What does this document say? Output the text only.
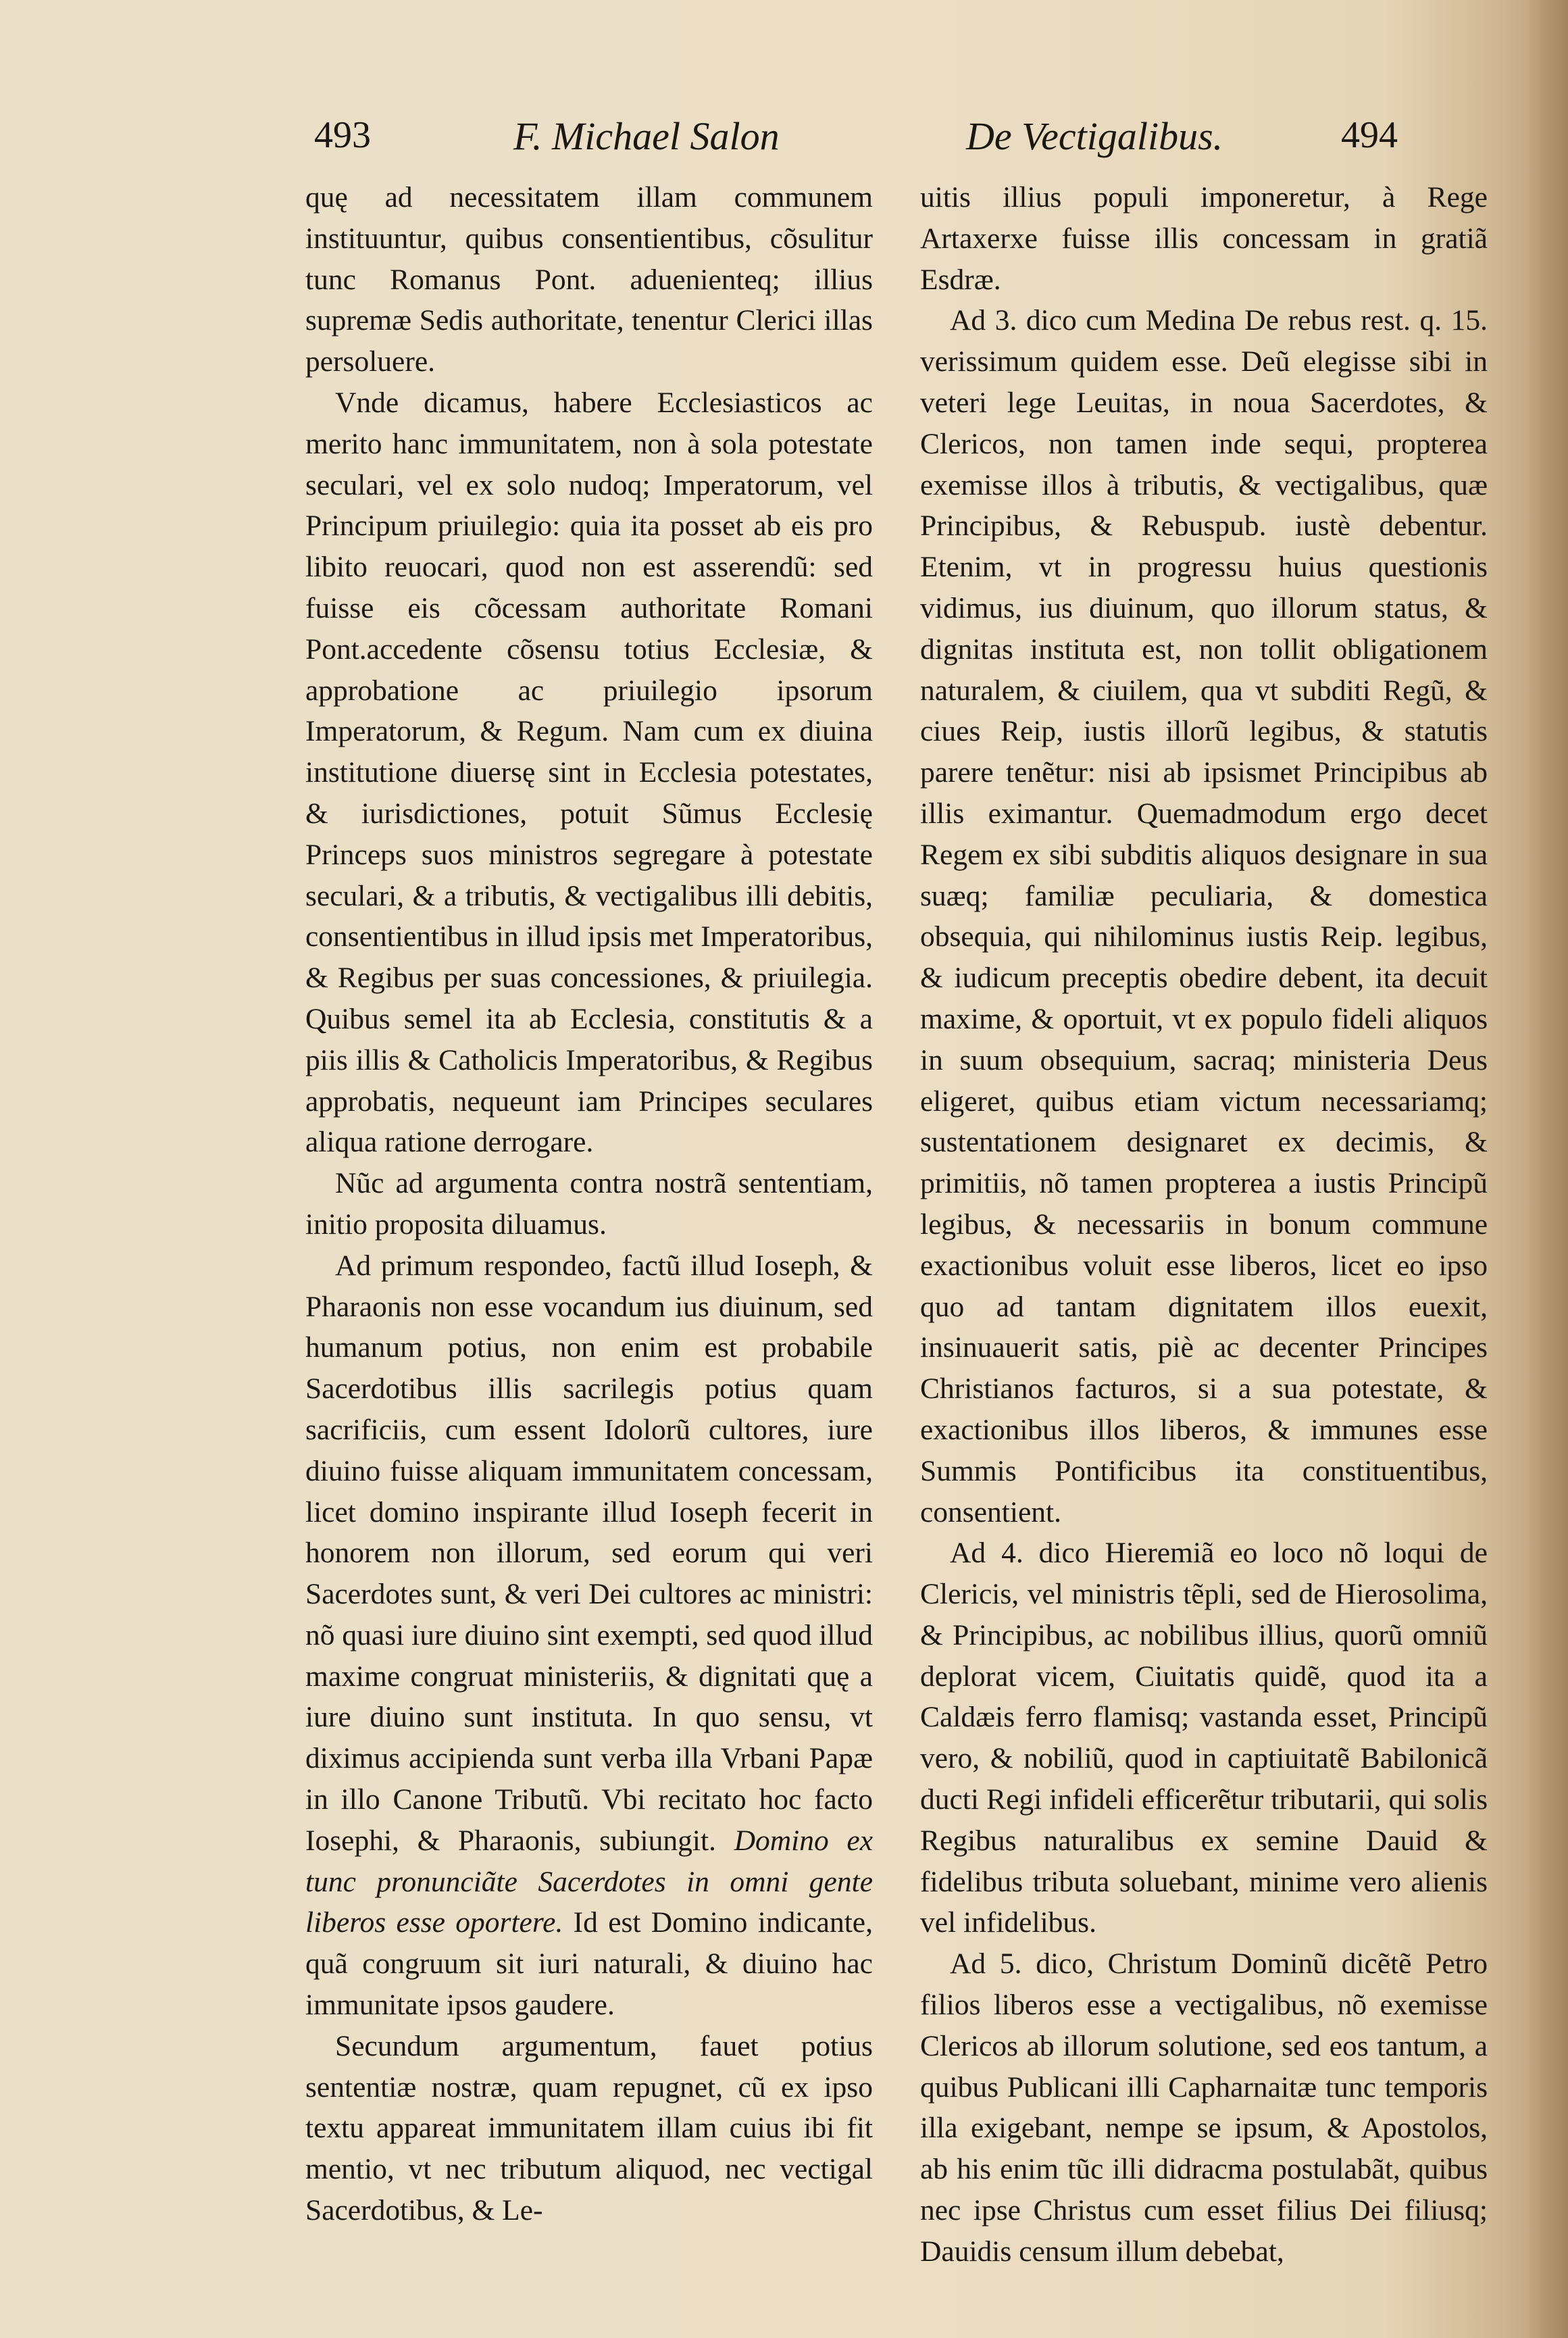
493	F. Michael Salon	De Vectigalibus.	494

quę ad necessitatem illam communem instituuntur, quibus consentientibus, cõsulitur tunc Romanus Pont. aduenienteq; illius supremæ Sedis authoritate, tenentur Clerici illas persoluere.

Vnde dicamus, habere Ecclesiasticos ac merito hanc immunitatem, non à sola potestate seculari, vel ex solo nudoq; Imperatorum, vel Principum priuilegio: quia ita posset ab eis pro libito reuocari, quod non est asserendũ: sed fuisse eis cõcessam authoritate Romani Pont.accedente cõsensu totius Ecclesiæ, & approbatione ac priuilegio ipsorum Imperatorum, & Regum. Nam cum ex diuina institutione diuersę sint in Ecclesia potestates, & iurisdictiones, potuit Sũmus Ecclesię Princeps suos ministros segregare à potestate seculari, & a tributis, & vectigalibus illi debitis, consentientibus in illud ipsis met Imperatoribus, & Regibus per suas concessiones, & priuilegia. Quibus semel ita ab Ecclesia, constitutis & a piis illis & Catholicis Imperatoribus, & Regibus approbatis, nequeunt iam Principes seculares aliqua ratione derrogare.

Nũc ad argumenta contra nostrã sententiam, initio proposita diluamus.

Ad primum respondeo, factũ illud Ioseph, & Pharaonis non esse vocandum ius diuinum, sed humanum potius, non enim est probabile Sacerdotibus illis sacrilegis potius quam sacrificiis, cum essent Idolorũ cultores, iure diuino fuisse aliquam immunitatem concessam, licet domino inspirante illud Ioseph fecerit in honorem non illorum, sed eorum qui veri Sacerdotes sunt, & veri Dei cultores ac ministri: nõ quasi iure diuino sint exempti, sed quod illud maxime congruat ministeriis, & dignitati quę a iure diuino sunt instituta. In quo sensu, vt diximus accipienda sunt verba illa Vrbani Papæ in illo Canone Tributũ. Vbi recitato hoc facto Iosephi, & Pharaonis, subiungit. Domino ex tunc pronunciãte Sacerdotes in omni gente liberos esse oportere. Id est Domino indicante, quã congruum sit iuri naturali, & diuino hac immunitate ipsos gaudere.

Secundum argumentum, fauet potius sententiæ nostræ, quam repugnet, cũ ex ipso textu appareat immunitatem illam cuius ibi fit mentio, vt nec tributum aliquod, nec vectigal Sacerdotibus, & Le-

uitis illius populi imponeretur, à Rege Artaxerxe fuisse illis concessam in gratiã Esdræ.

Ad 3. dico cum Medina De rebus rest. q. 15. verissimum quidem esse. Deũ elegisse sibi in veteri lege Leuitas, in noua Sacerdotes, & Clericos, non tamen inde sequi, propterea exemisse illos à tributis, & vectigalibus, quæ Principibus, & Rebuspub. iustè debentur. Etenim, vt in progressu huius questionis vidimus, ius diuinum, quo illorum status, & dignitas instituta est, non tollit obligationem naturalem, & ciuilem, qua vt subditi Regũ, & ciues Reip, iustis illorũ legibus, & statutis parere tenẽtur: nisi ab ipsismet Principibus ab illis eximantur. Quemadmodum ergo decet Regem ex sibi subditis aliquos designare in sua suæq; familiæ peculiaria, & domestica obsequia, qui nihilominus iustis Reip. legibus, & iudicum preceptis obedire debent, ita decuit maxime, & oportuit, vt ex populo fideli aliquos in suum obsequium, sacraq; ministeria Deus eligeret, quibus etiam victum necessariamq; sustentationem designaret ex decimis, & primitiis, nõ tamen propterea a iustis Principũ legibus, & necessariis in bonum commune exactionibus voluit esse liberos, licet eo ipso quo ad tantam dignitatem illos euexit, insinuauerit satis, piè ac decenter Principes Christianos facturos, si a sua potestate, & exactionibus illos liberos, & immunes esse Summis Pontificibus ita constituentibus, consentient.

Ad 4. dico Hieremiã eo loco nõ loqui de Clericis, vel ministris tẽpli, sed de Hierosolima, & Principibus, ac nobilibus illius, quorũ omniũ deplorat vicem, Ciuitatis quidẽ, quod ita a Caldæis ferro flamisq; vastanda esset, Principũ vero, & nobiliũ, quod in captiuitatẽ Babilonicã ducti Regi infideli efficerẽtur tributarii, qui solis Regibus naturalibus ex semine Dauid & fidelibus tributa soluebant, minime vero alienis vel infidelibus.

Ad 5. dico, Christum Dominũ dicẽtẽ Petro filios liberos esse a vectigalibus, nõ exemisse Clericos ab illorum solutione, sed eos tantum, a quibus Publicani illi Capharnaitæ tunc temporis illa exigebant, nempe se ipsum, & Apostolos, ab his enim tũc illi didracma postulabãt, quibus nec ipse Christus cum esset filius Dei filiusq; Dauidis censum illum debebat,
